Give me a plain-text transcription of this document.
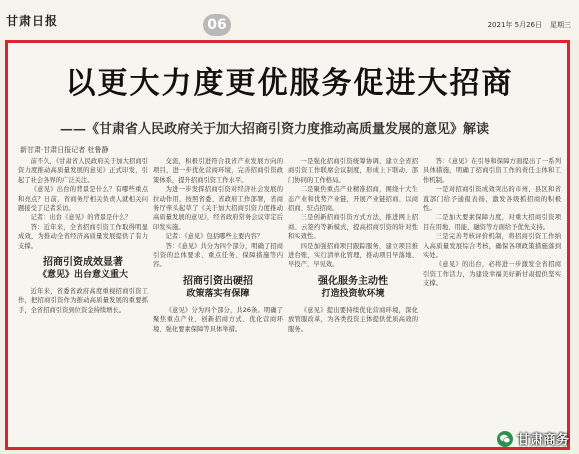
甘肃日报	06	2021年 5月26日 星期三
以更大力度更优服务促进大招商
——《甘肃省人民政府关于加大招商引资力度推动高质量发展的意见》解读
新甘肃·甘肃日报记者 杜鲁静

前不久，《甘肃省人民政府关于加大招商引资力度推动高质量发展的意见》正式印发，引起了社会各界的广泛关注。

《意见》出台的背景是什么？有哪些重点和亮点？日前，省商务厅相关负责人就相关问题接受了记者采访。

记者：出台《意见》的背景是什么？

答：近年来，全省招商引资工作取得明显成效，为推动全省经济高质量发展提供了有力支撑。

招商引资成效显著
《意见》出台意义重大

近年来，省委省政府高度重视招商引资工作，把招商引资作为推动高质量发展的重要抓手，全省招商引资到位资金持续增长。

交流，积极引进符合我省产业发展方向的项目，进一步优化营商环境，完善招商引资政策体系，提升招商引资工作水平。

为进一步发挥招商引资对经济社会发展的拉动作用，按照省委、省政府工作部署，省商务厅牵头起草了《关于加大招商引资力度推动高质量发展的意见》，经省政府常务会议审定后印发实施。

记者：《意见》包括哪些主要内容？

答：《意见》共分为四个部分，明确了招商引资的总体要求、重点任务、保障措施等内容。

招商引资出硬招
政策落实有保障

《意见》分为四个部分，共26条。明确了聚焦重点产业、创新招商方式、优化营商环境、强化要素保障等具体举措。

一是强化招商引资统筹协调，建立全省招商引资工作联席会议制度，形成上下联动、部门协同的工作格局。

二是聚焦重点产业精准招商，围绕十大生态产业和优势产业链，开展产业链招商、以商招商、驻点招商。

三是创新招商引资方式方法，推进网上招商、云签约等新模式，提高招商引资的针对性和实效性。

四是加强招商项目跟踪服务，建立项目推进台账，实行清单化管理，推动项目早落地、早投产、早见效。

强化服务主动性
打造投资软环境

《意见》提出要持续优化营商环境，深化放管服改革，为各类投资主体提供优质高效的服务。

答：《意见》在引导和保障方面提出了一系列具体措施，明确了招商引资工作的责任主体和工作机制。

一是对招商引资成效突出的市州、县区和省直部门给予通报表扬，激发各级抓招商的积极性。

二是加大要素保障力度，对重大招商引资项目在用地、用能、融资等方面给予优先支持。

三是完善考核评价机制，将招商引资工作纳入高质量发展综合考核，确保各项政策措施落到实处。

《意见》的出台，必将进一步激发全省招商引资工作活力，为建设幸福美好新甘肃提供坚实支撑。

甘肃商务
